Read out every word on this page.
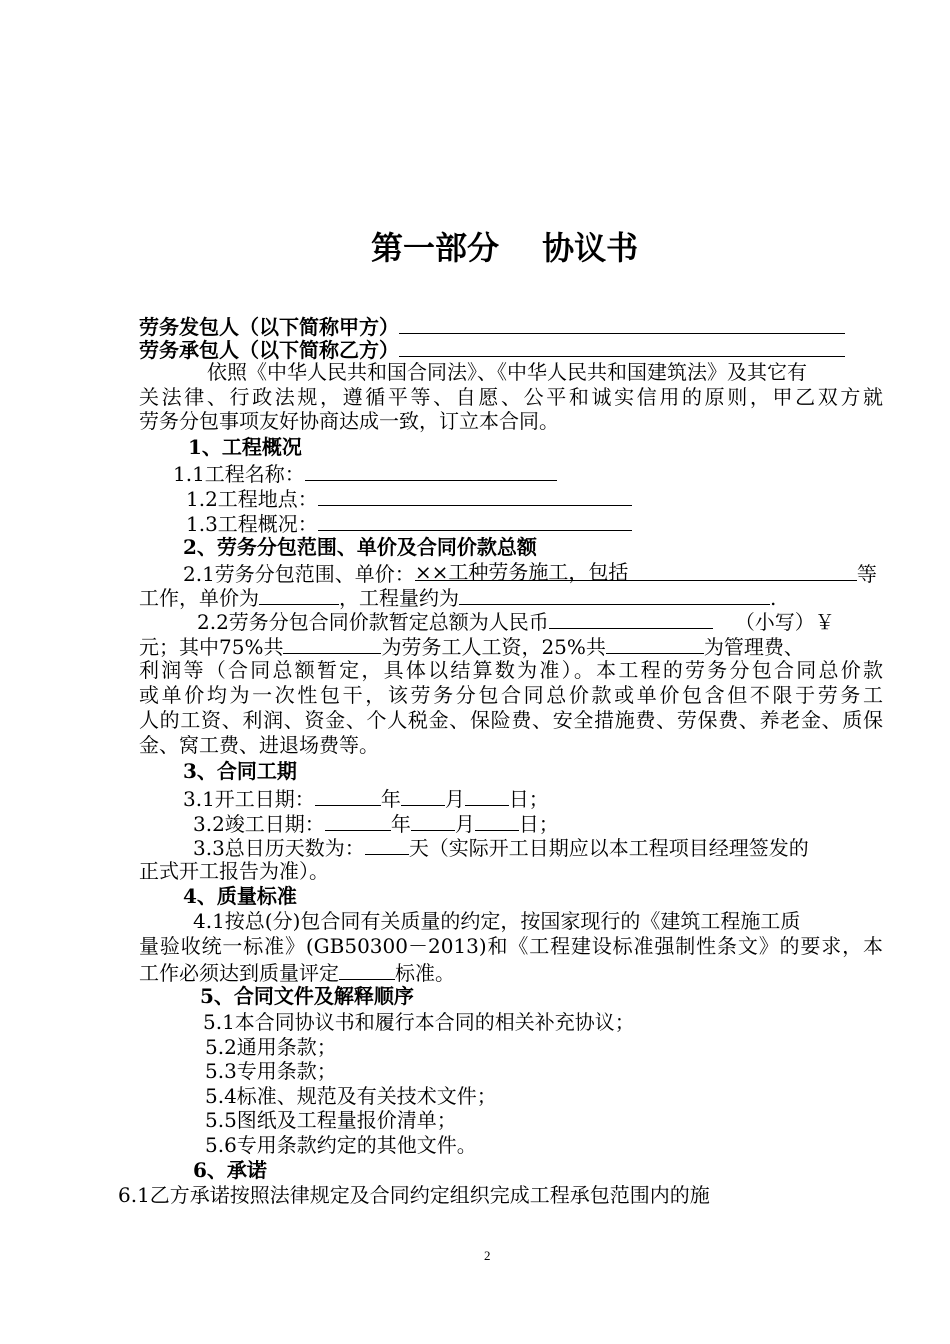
第一部分　 协议书
劳务发包人（以下简称甲方）
劳务承包人（以下简称乙方）
依照《中华人民共和国合同法》、《中华人民共和国建筑法》及其它有
关法律、行政法规，遵循平等、自愿、公平和诚实信用的原则，甲乙双方就
劳务分包事项友好协商达成一致，订立本合同。
1、工程概况
1.1工程名称：
1.2工程地点：
1.3工程概况：
2、劳务分包范围、单价及合同价款总额
2.1劳务分包范围、单价： ××工种劳务施工，包括	等
工作，单价为	，工程量约为	.
2.2劳务分包合同价款暂定总额为人民币	（小写）￥
元；其中75%共	为劳务工人工资，25%共	为管理费、
利润等（合同总额暂定，具体以结算数为准）。本工程的劳务分包合同总价款
或单价均为一次性包干，该劳务分包合同总价款或单价包含但不限于劳务工
人的工资、利润、资金、个人税金、保险费、安全措施费、劳保费、养老金、质保
金、窝工费、进退场费等。
3、合同工期
3.1开工日期：	年 月 日；
3.2竣工日期：	年 月 日；
3.3总日历天数为： 天（实际开工日期应以本工程项目经理签发的
正式开工报告为准）。
4、质量标准
4.1按总(分)包合同有关质量的约定，按国家现行的《建筑工程施工质
量验收统一标准》(GB50300－2013)和《工程建设标准强制性条文》的要求，本
工作必须达到质量评定	标准。
5、合同文件及解释顺序
5.1本合同协议书和履行本合同的相关补充协议；
5.2通用条款；
5.3专用条款；
5.4标准、规范及有关技术文件；
5.5图纸及工程量报价清单；
5.6专用条款约定的其他文件。
6、承诺
6.1乙方承诺按照法律规定及合同约定组织完成工程承包范围内的施
2
